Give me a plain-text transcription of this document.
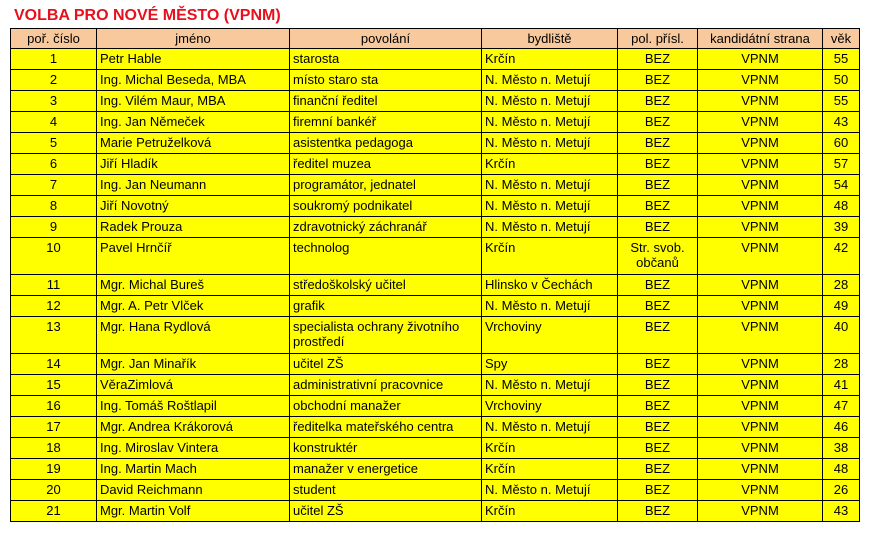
VOLBA PRO NOVÉ MĚSTO (VPNM)
poř. číslo	jméno	povolání	bydliště	pol. přísl.	kandidátní strana	věk
1	Petr Hable	starosta	Krčín	BEZ	VPNM	55
2	Ing. Michal Beseda, MBA	místo staro sta	N. Město n. Metují	BEZ	VPNM	50
3	Ing. Vilém Maur, MBA	finanční ředitel	N. Město n. Metují	BEZ	VPNM	55
4	Ing. Jan Němeček	firemní bankéř	N. Město n. Metují	BEZ	VPNM	43
5	Marie Petruželková	asistentka pedagoga	N. Město n. Metují	BEZ	VPNM	60
6	Jiří Hladík	ředitel muzea	Krčín	BEZ	VPNM	57
7	Ing. Jan Neumann	programátor, jednatel	N. Město n. Metují	BEZ	VPNM	54
8	Jiří Novotný	soukromý podnikatel	N. Město n. Metují	BEZ	VPNM	48
9	Radek Prouza	zdravotnický záchranář	N. Město n. Metují	BEZ	VPNM	39
10	Pavel Hrnčíř	technolog	Krčín	Str. svob. občanů	VPNM	42
11	Mgr. Michal Bureš	středoškolský učitel	Hlinsko v Čechách	BEZ	VPNM	28
12	Mgr. A. Petr Vlček	grafik	N. Město n. Metují	BEZ	VPNM	49
13	Mgr. Hana Rydlová	specialista ochrany životního prostředí	Vrchoviny	BEZ	VPNM	40
14	Mgr. Jan Minařík	učitel ZŠ	Spy	BEZ	VPNM	28
15	VěraZimlová	administrativní pracovnice	N. Město n. Metují	BEZ	VPNM	41
16	Ing. Tomáš Roštlapil	obchodní manažer	Vrchoviny	BEZ	VPNM	47
17	Mgr. Andrea Krákorová	ředitelka mateřského centra	N. Město n. Metují	BEZ	VPNM	46
18	Ing. Miroslav Vintera	konstruktér	Krčín	BEZ	VPNM	38
19	Ing. Martin Mach	manažer v energetice	Krčín	BEZ	VPNM	48
20	David Reichmann	student	N. Město n. Metují	BEZ	VPNM	26
21	Mgr. Martin Volf	učitel ZŠ	Krčín	BEZ	VPNM	43
